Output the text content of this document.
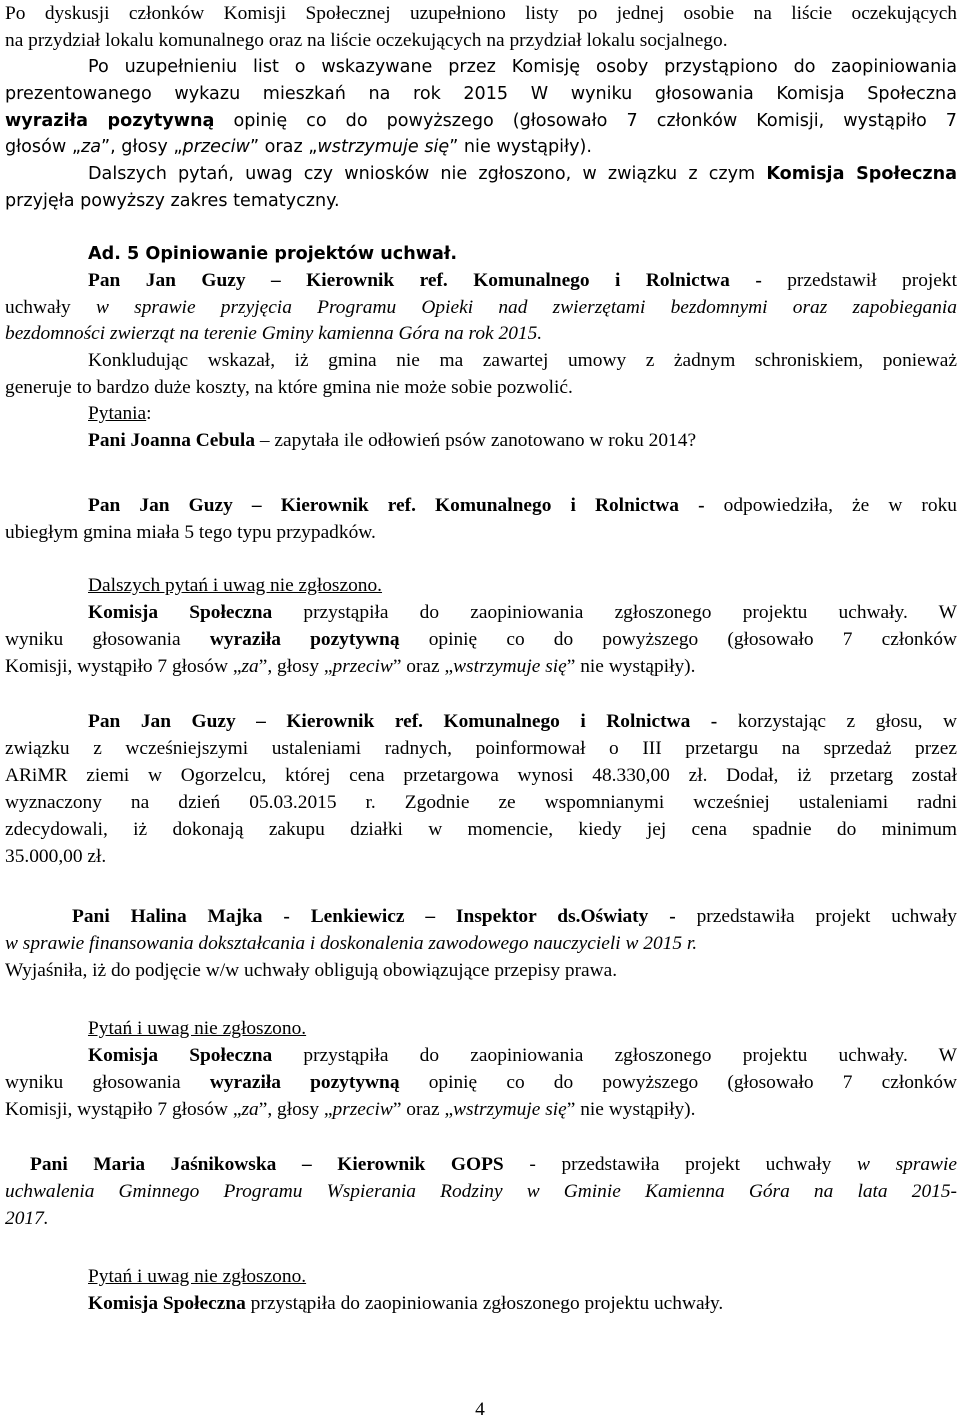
Po dyskusji członków Komisji Społecznej uzupełniono listy po jednej osobie na liście oczekujących
na przydział lokalu komunalnego oraz na liście oczekujących na przydział lokalu socjalnego.
Po uzupełnieniu list o wskazywane przez Komisję osoby przystąpiono do zaopiniowania
prezentowanego wykazu mieszkań na rok 2015 W wyniku głosowania Komisja Społeczna
wyraziła pozytywną opinię co do powyższego (głosowało 7 członków Komisji, wystąpiło 7
głosów „za”, głosy „przeciw” oraz „wstrzymuje się” nie wystąpiły).
Dalszych pytań, uwag czy wniosków nie zgłoszono, w związku z czym Komisja Społeczna
przyjęła powyższy zakres tematyczny.
Ad. 5 Opiniowanie projektów uchwał.
Pan Jan Guzy – Kierownik ref. Komunalnego i Rolnictwa - przedstawił projekt
uchwały w sprawie przyjęcia Programu Opieki nad zwierzętami bezdomnymi oraz zapobiegania
bezdomności zwierząt na terenie Gminy kamienna Góra na rok 2015.
Konkludując wskazał, iż gmina nie ma zawartej umowy z żadnym schroniskiem, ponieważ
generuje to bardzo duże koszty, na które gmina nie może sobie pozwolić.
Pytania:
Pani Joanna Cebula – zapytała ile odłowień psów zanotowano w roku 2014?
Pan Jan Guzy – Kierownik ref. Komunalnego i Rolnictwa - odpowiedziła, że w roku
ubiegłym gmina miała 5 tego typu przypadków.
Dalszych pytań i uwag nie zgłoszono.
Komisja Społeczna przystąpiła do zaopiniowania zgłoszonego projektu uchwały. W
wyniku głosowania wyraziła pozytywną opinię co do powyższego (głosowało 7 członków
Komisji, wystąpiło 7 głosów „za”, głosy „przeciw” oraz „wstrzymuje się” nie wystąpiły).
Pan Jan Guzy – Kierownik ref. Komunalnego i Rolnictwa - korzystając z głosu, w
związku z wcześniejszymi ustaleniami radnych, poinformował o III przetargu na sprzedaż przez
ARiMR ziemi w Ogorzelcu, której cena przetargowa wynosi 48.330,00 zł. Dodał, iż przetarg został
wyznaczony na dzień 05.03.2015 r. Zgodnie ze wspomnianymi wcześniej ustaleniami radni
zdecydowali, iż dokonają zakupu działki w momencie, kiedy jej cena spadnie do minimum
35.000,00 zł.
Pani Halina Majka - Lenkiewicz – Inspektor ds.Oświaty - przedstawiła projekt uchwały
w sprawie finansowania dokształcania i doskonalenia zawodowego nauczycieli w 2015 r.
Wyjaśniła, iż do podjęcie w/w uchwały obligują obowiązujące przepisy prawa.
Pytań i uwag nie zgłoszono.
Komisja Społeczna przystąpiła do zaopiniowania zgłoszonego projektu uchwały. W
wyniku głosowania wyraziła pozytywną opinię co do powyższego (głosowało 7 członków
Komisji, wystąpiło 7 głosów „za”, głosy „przeciw” oraz „wstrzymuje się” nie wystąpiły).
Pani Maria Jaśnikowska – Kierownik GOPS - przedstawiła projekt uchwały w sprawie
uchwalenia Gminnego Programu Wspierania Rodziny w Gminie Kamienna Góra na lata 2015-
2017.
Pytań i uwag nie zgłoszono.
Komisja Społeczna przystąpiła do zaopiniowania zgłoszonego projektu uchwały.
4
